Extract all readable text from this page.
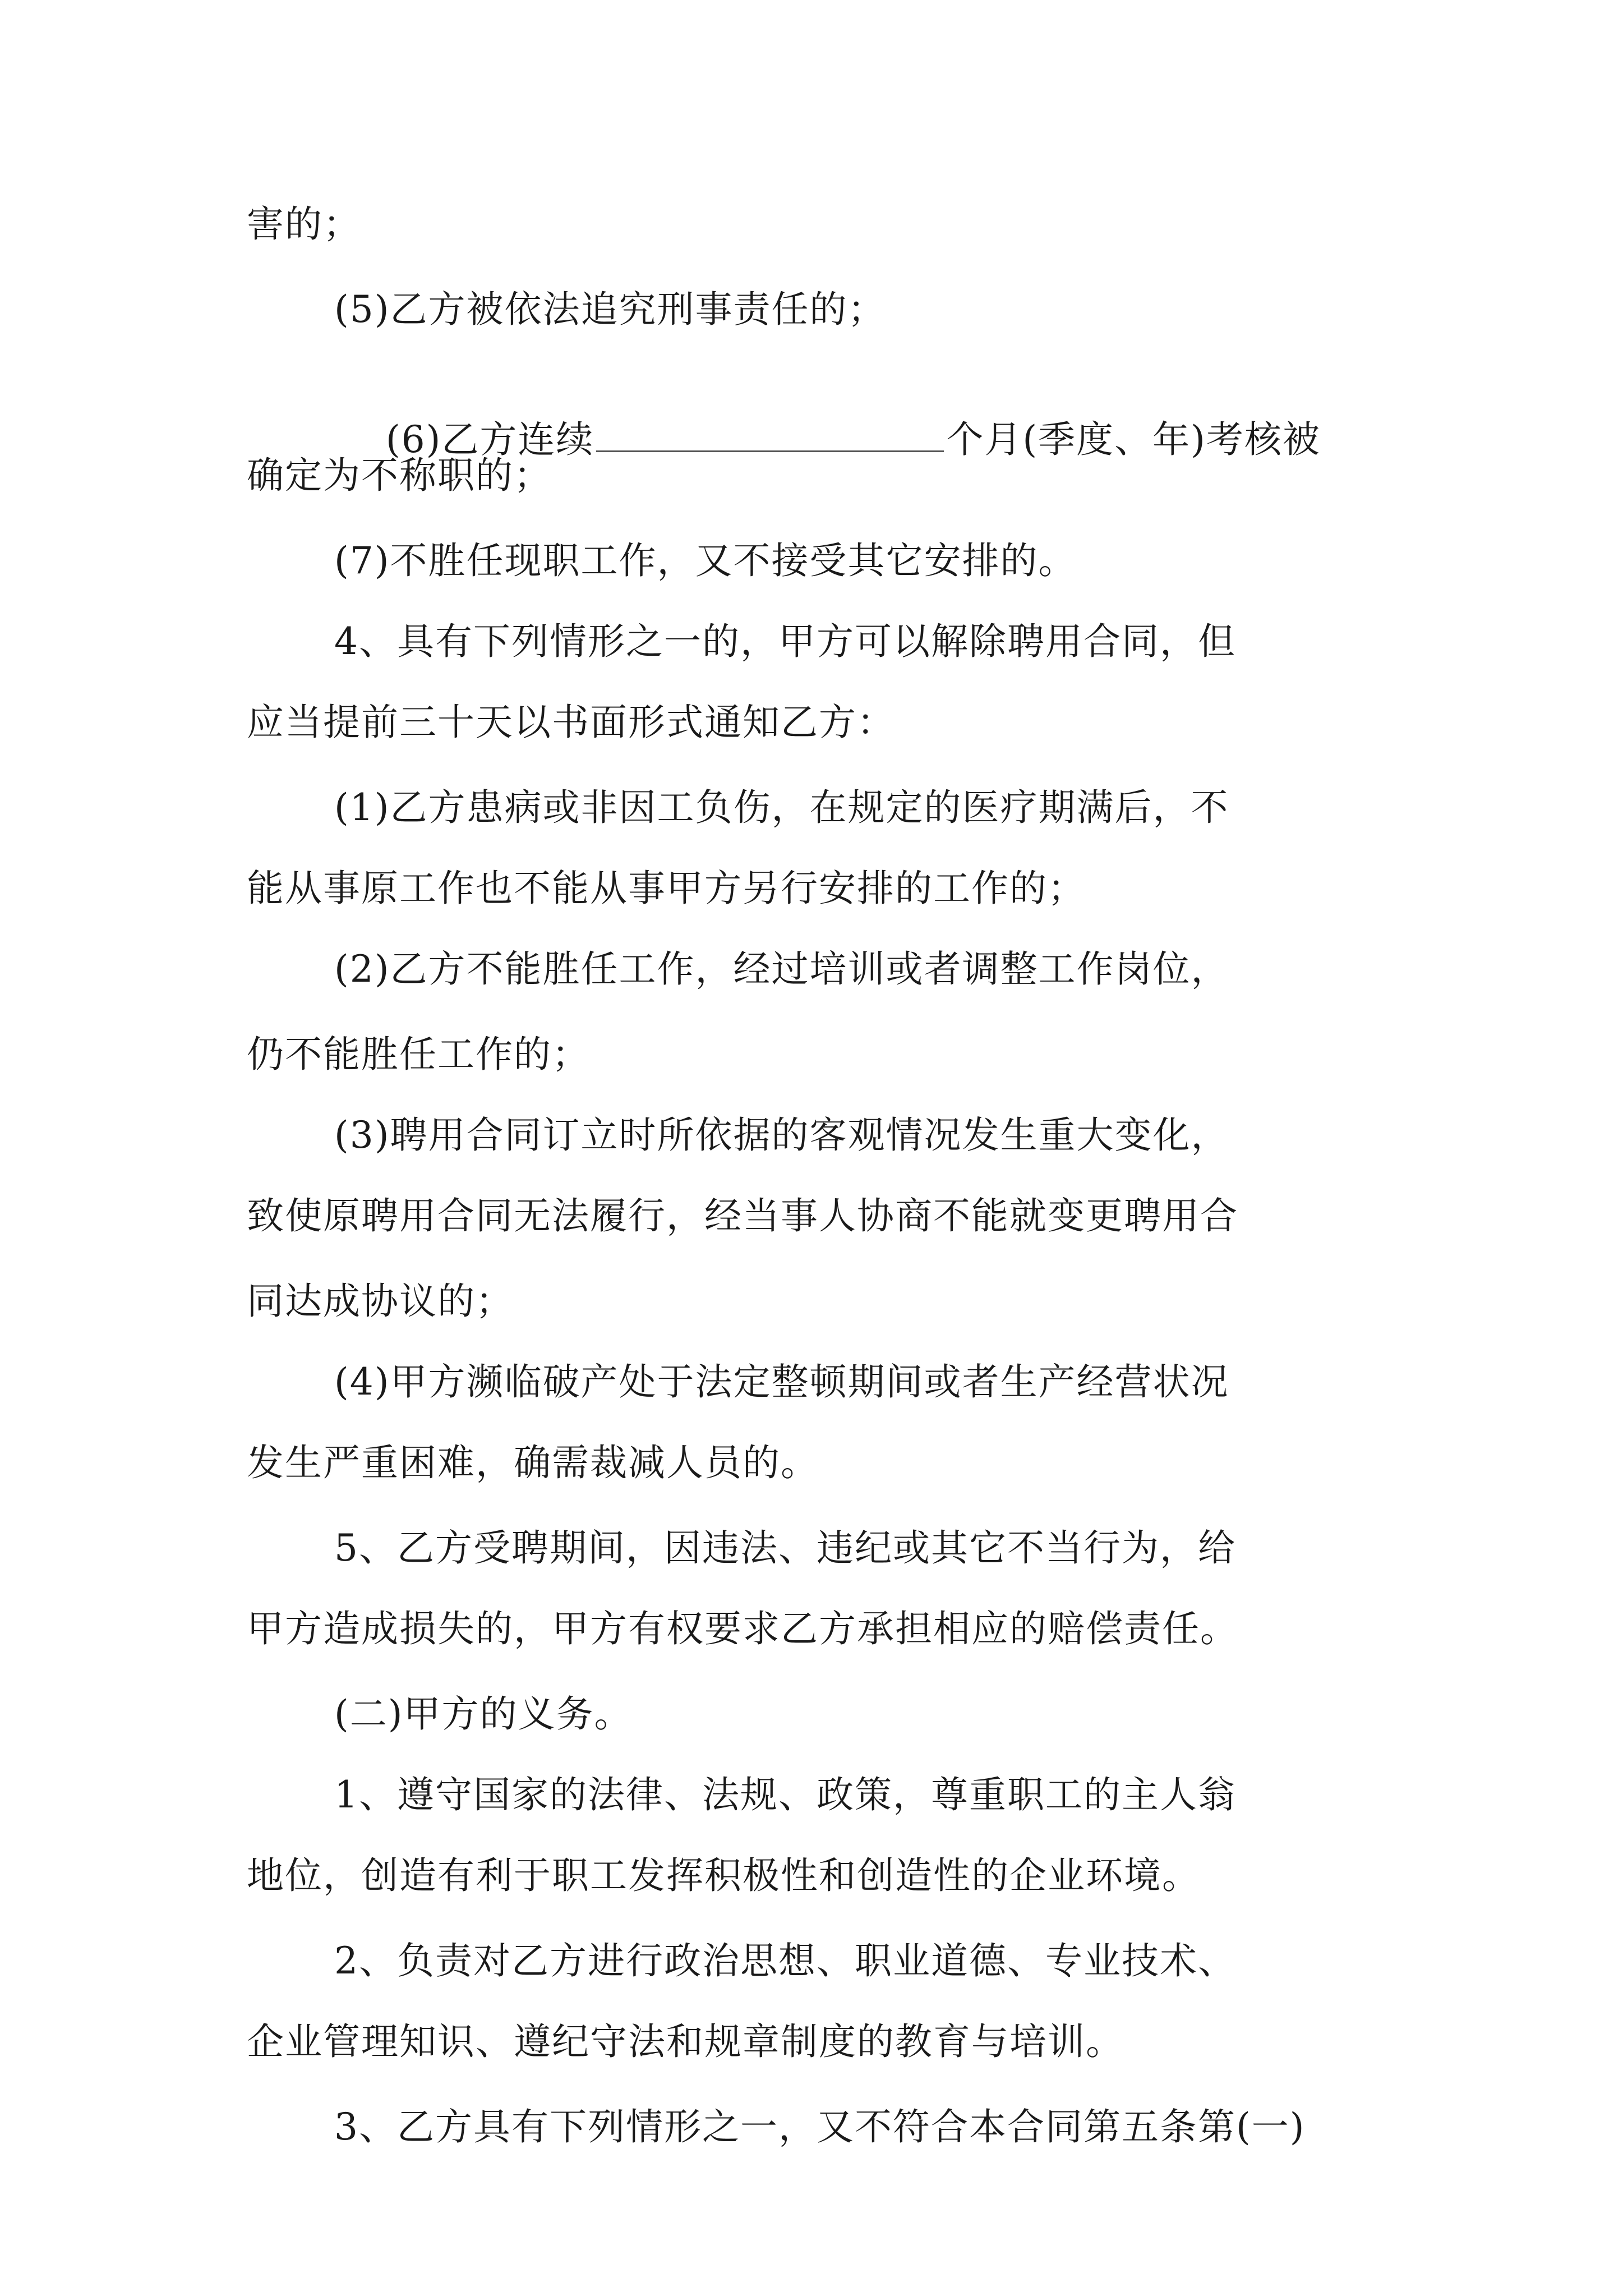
害的；
(5)乙方被依法追究刑事责任的；

(6)乙方连续	个月(季度、年)考核被

确定为不称职的；
(7)不胜任现职工作，又不接受其它安排的。
4、具有下列情形之一的，甲方可以解除聘用合同，但
应当提前三十天以书面形式通知乙方：
(1)乙方患病或非因工负伤，在规定的医疗期满后，不
能从事原工作也不能从事甲方另行安排的工作的；
(2)乙方不能胜任工作，经过培训或者调整工作岗位，
仍不能胜任工作的；
(3)聘用合同订立时所依据的客观情况发生重大变化，
致使原聘用合同无法履行，经当事人协商不能就变更聘用合
同达成协议的；
(4)甲方濒临破产处于法定整顿期间或者生产经营状况
发生严重困难，确需裁减人员的。
5、乙方受聘期间，因违法、违纪或其它不当行为，给
甲方造成损失的，甲方有权要求乙方承担相应的赔偿责任。
(二)甲方的义务。
1、遵守国家的法律、法规、政策，尊重职工的主人翁
地位，创造有利于职工发挥积极性和创造性的企业环境。
2、负责对乙方进行政治思想、职业道德、专业技术、
企业管理知识、遵纪守法和规章制度的教育与培训。
3、乙方具有下列情形之一，又不符合本合同第五条第(一)
